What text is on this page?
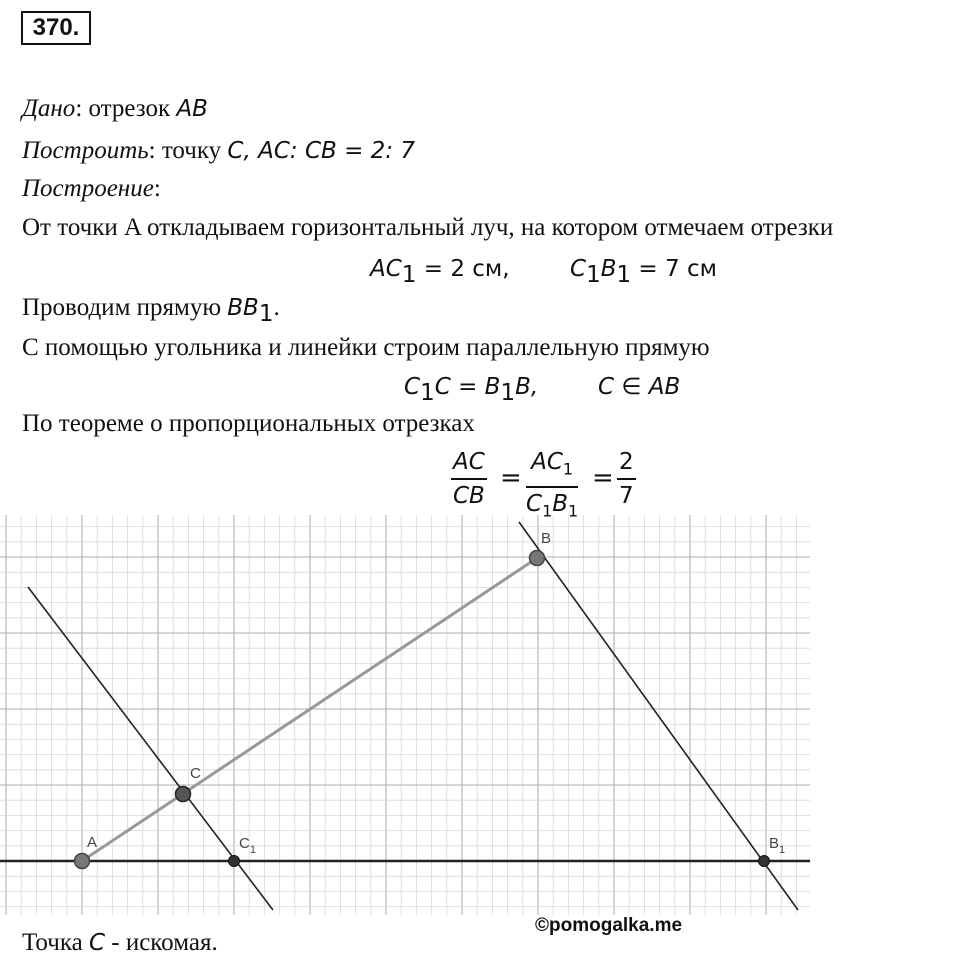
370.
Дано: отрезок AB
Построить: точку C, AC: CB = 2: 7
Построение:
От точки A откладываем горизонтальный луч, на котором отмечаем отрезки
$AC_1 = 2$ см,	$C_1B_1 = 7$ см
Проводим прямую $BB_1$.
С помощью угольника и линейки строим параллельную прямую
$C_1C = B_1B$,	C ∈ AB
По теореме о пропорциональных отрезках
$\frac{AC}{CB} = \frac{AC_1}{C_1B_1} = \frac{2}{7}$
A
B
C
$C_1$	$B_1$
©pomogalka.me
Точка C - искомая.
